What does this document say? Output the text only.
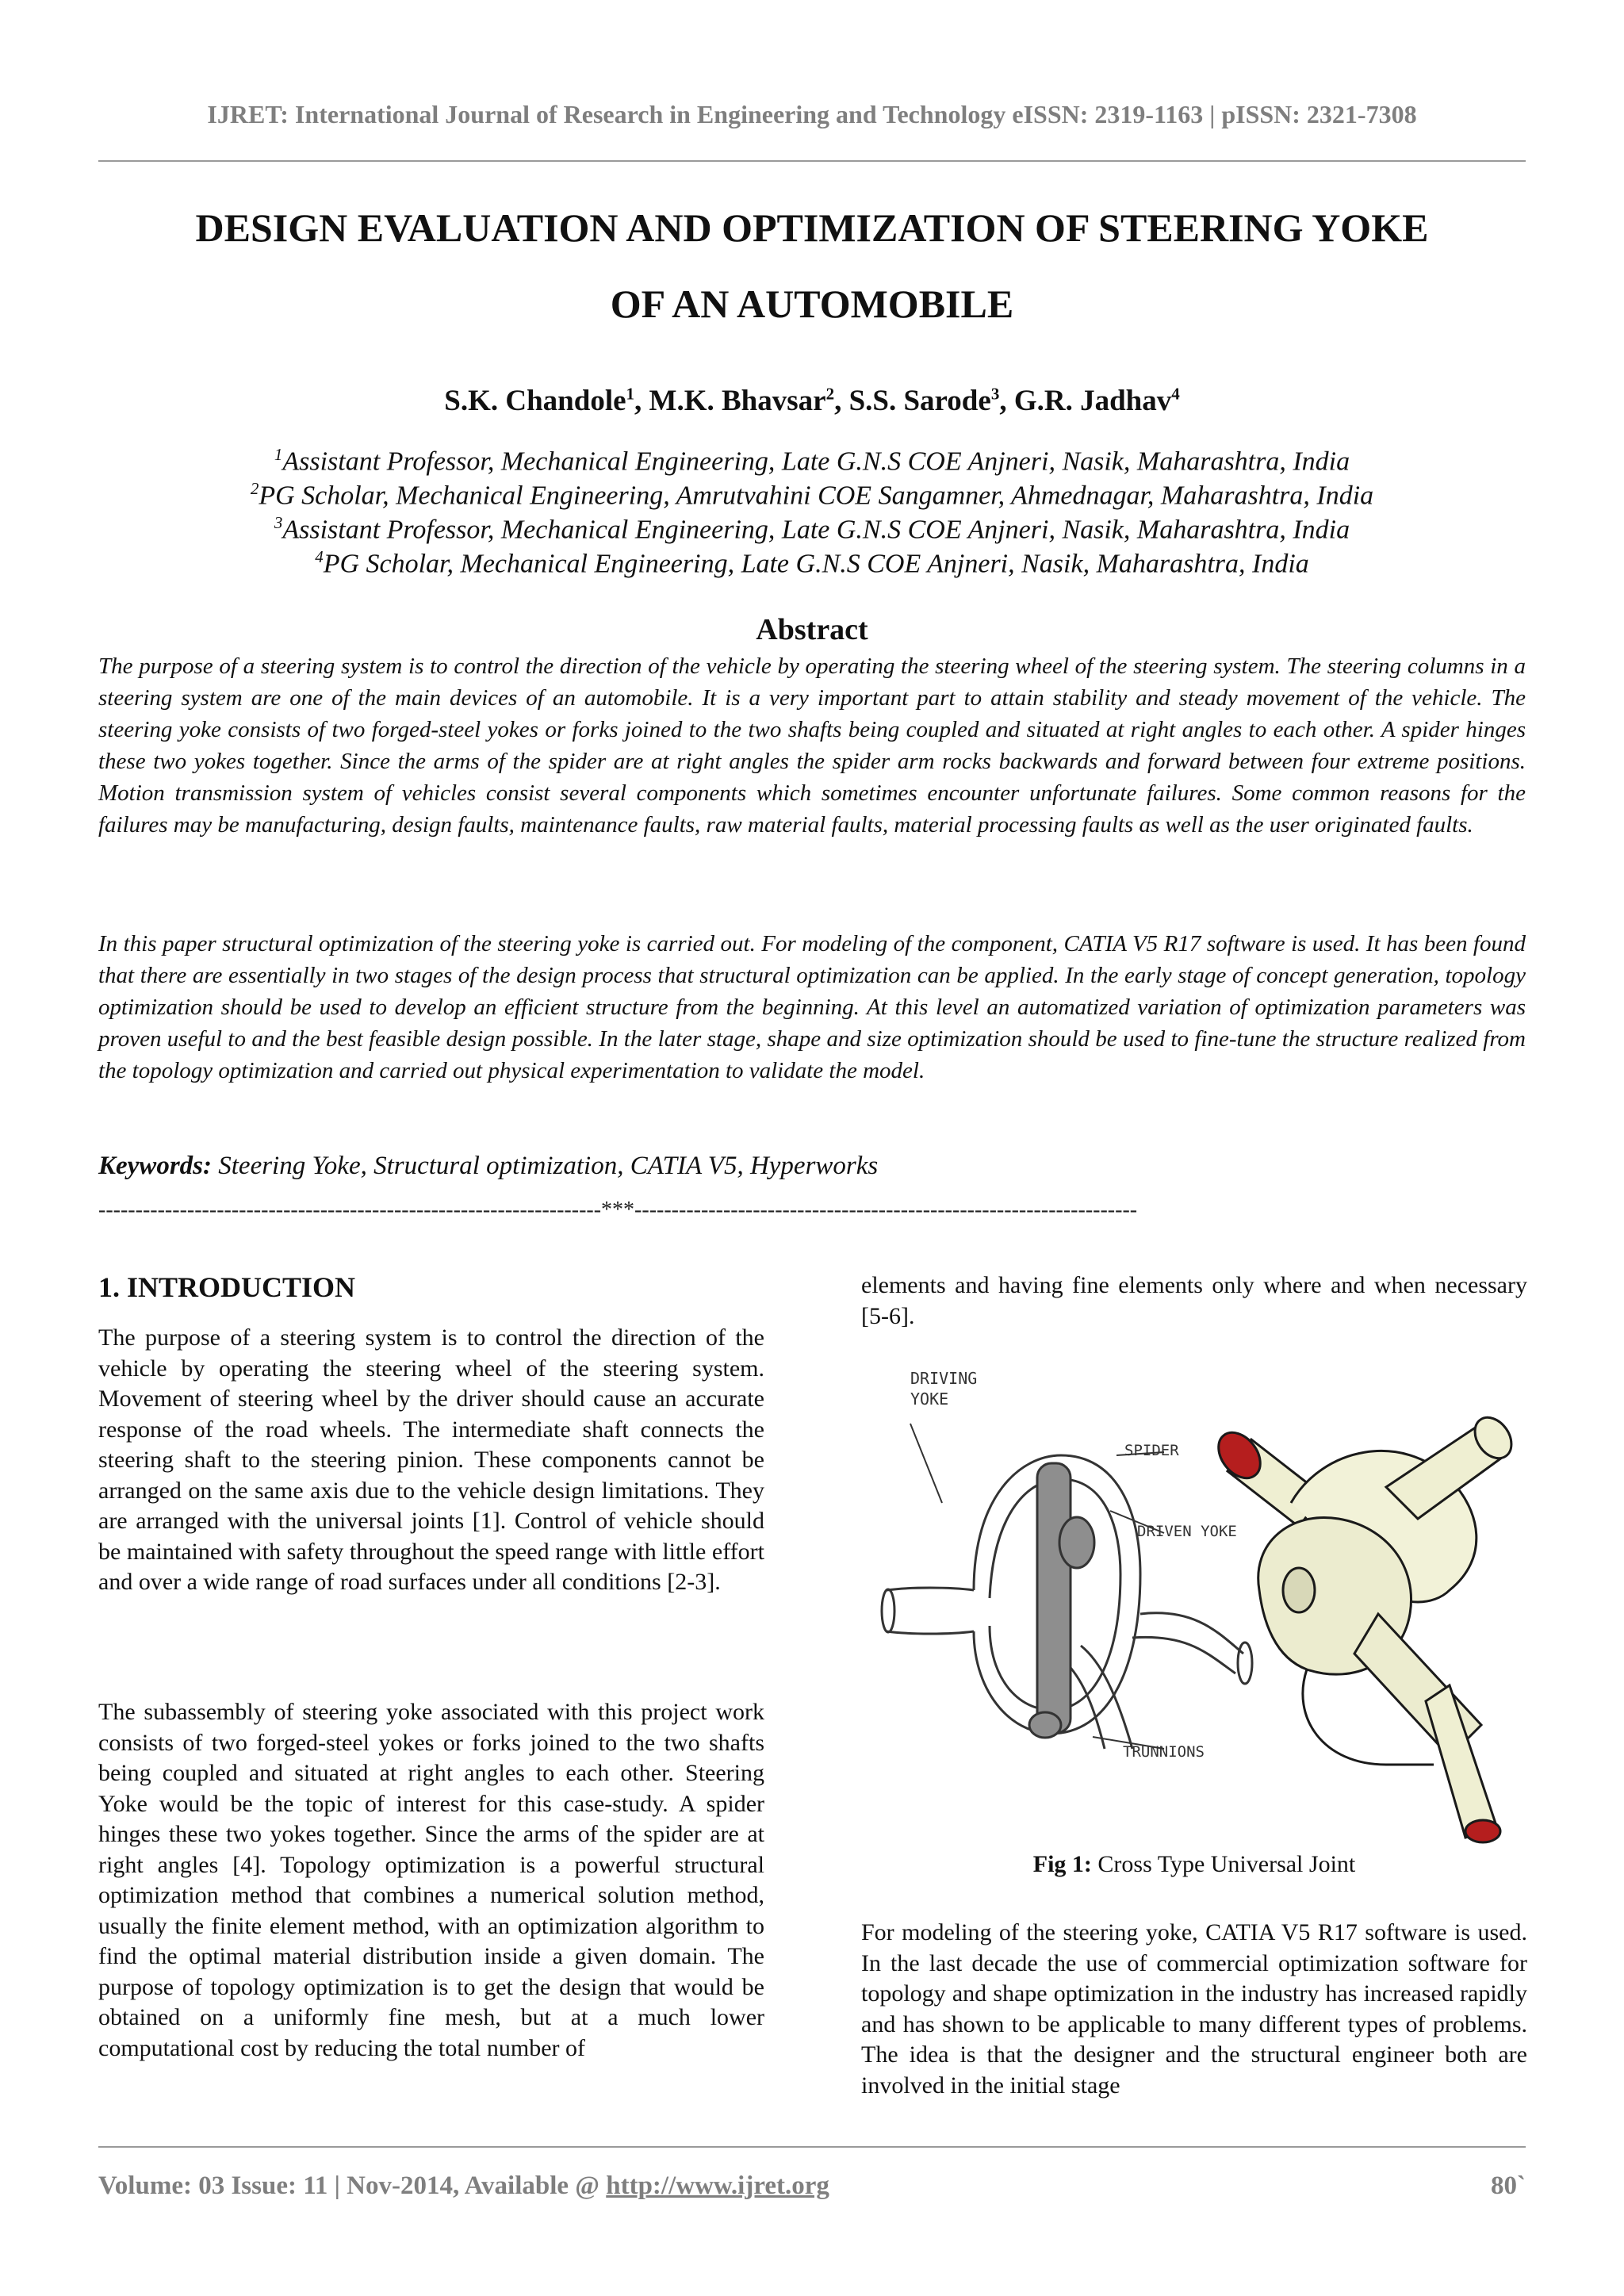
IJRET: International Journal of Research in Engineering and Technology eISSN: 2319-1163 | pISSN: 2321-7308
DESIGN EVALUATION AND OPTIMIZATION OF STEERING YOKE
OF AN AUTOMOBILE
S.K. Chandole$^1$, M.K. Bhavsar$^2$, S.S. Sarode$^3$, G.R. Jadhav$^4$
$^1$Assistant Professor, Mechanical Engineering, Late G.N.S COE Anjneri, Nasik, Maharashtra, India
$^2$PG Scholar, Mechanical Engineering, Amrutvahini COE Sangamner, Ahmednagar, Maharashtra, India
$^3$Assistant Professor, Mechanical Engineering, Late G.N.S COE Anjneri, Nasik, Maharashtra, India
$^4$PG Scholar, Mechanical Engineering, Late G.N.S COE Anjneri, Nasik, Maharashtra, India
Abstract
The purpose of a steering system is to control the direction of the vehicle by operating the steering wheel of the steering system. The steering columns in a steering system are one of the main devices of an automobile. It is a very important part to attain stability and steady movement of the vehicle. The steering yoke consists of two forged-steel yokes or forks joined to the two shafts being coupled and situated at right angles to each other. A spider hinges these two yokes together. Since the arms of the spider are at right angles the spider arm rocks backwards and forward between four extreme positions. Motion transmission system of vehicles consist several components which sometimes encounter unfortunate failures. Some common reasons for the failures may be manufacturing, design faults, maintenance faults, raw material faults, material processing faults as well as the user originated faults.
In this paper structural optimization of the steering yoke is carried out. For modeling of the component, CATIA V5 R17 software is used. It has been found that there are essentially in two stages of the design process that structural optimization can be applied. In the early stage of concept generation, topology optimization should be used to develop an efficient structure from the beginning. At this level an automatized variation of optimization parameters was proven useful to and the best feasible design possible. In the later stage, shape and size optimization should be used to fine-tune the structure realized from the topology optimization and carried out physical experimentation to validate the model.
Keywords: Steering Yoke, Structural optimization, CATIA V5, Hyperworks
--------------------------------------------------------------------***--------------------------------------------------------------------
1. INTRODUCTION
The purpose of a steering system is to control the direction of the vehicle by operating the steering wheel of the steering system. Movement of steering wheel by the driver should cause an accurate response of the road wheels. The intermediate shaft connects the steering shaft to the steering pinion. These components cannot be arranged on the same axis due to the vehicle design limitations. They are arranged with the universal joints [1]. Control of vehicle should be maintained with safety throughout the speed range with little effort and over a wide range of road surfaces under all conditions [2-3].
The subassembly of steering yoke associated with this project work consists of two forged-steel yokes or forks joined to the two shafts being coupled and situated at right angles to each other. Steering Yoke would be the topic of interest for this case-study. A spider hinges these two yokes together. Since the arms of the spider are at right angles [4]. Topology optimization is a powerful structural optimization method that combines a numerical solution method, usually the finite element method, with an optimization algorithm to find the optimal material distribution inside a given domain. The purpose of topology optimization is to get the design that would be obtained on a uniformly fine mesh, but at a much lower computational cost by reducing the total number of
elements and having fine elements only where and when necessary [5-6].
DRIVING
YOKE
SPIDER
DRIVEN YOKE
TRUNNIONS
Fig 1: Cross Type Universal Joint
For modeling of the steering yoke, CATIA V5 R17 software is used. In the last decade the use of commercial optimization software for topology and shape optimization in the industry has increased rapidly and has shown to be applicable to many different types of problems. The idea is that the designer and the structural engineer both are involved in the initial stage
Volume: 03 Issue: 11 | Nov-2014, Available @ http://www.ijret.org	80`
